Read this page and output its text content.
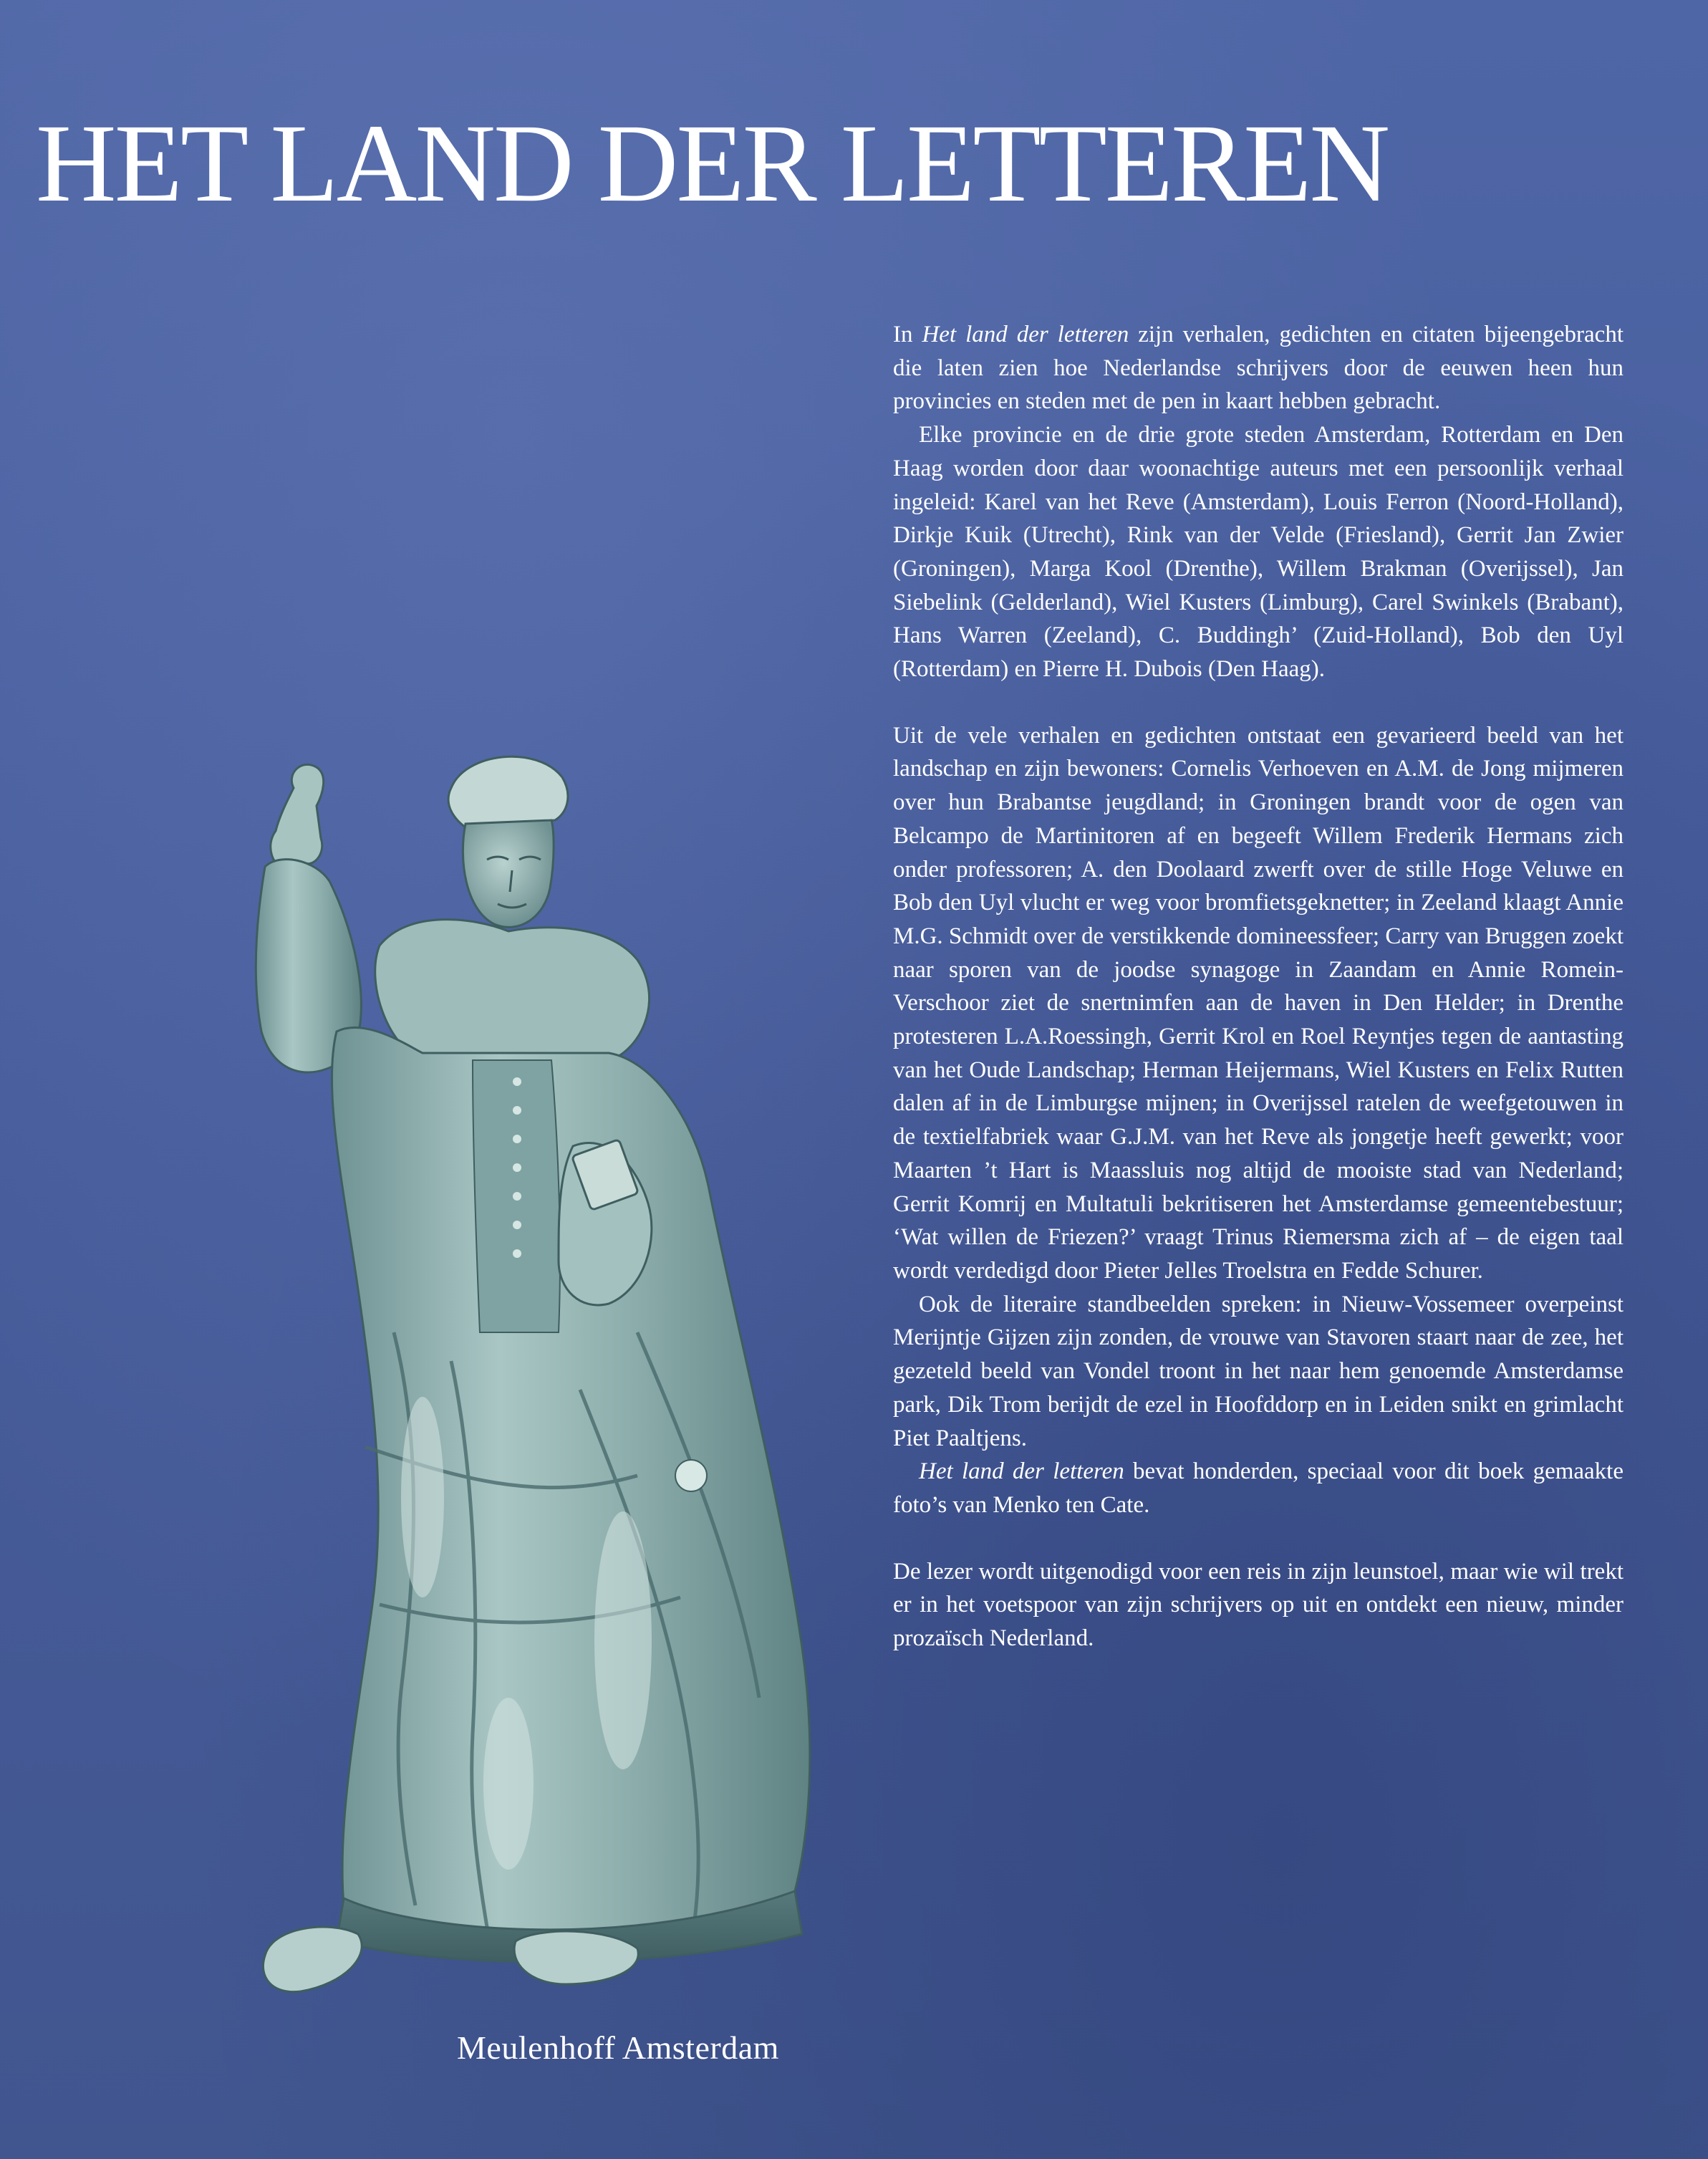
HET LAND DER LETTEREN

Meulenhoff Amsterdam

In Het land der letteren zijn verhalen, gedichten en citaten bijeengebracht die laten zien hoe Nederlandse schrijvers door de eeuwen heen hun provincies en steden met de pen in kaart hebben gebracht.

Elke provincie en de drie grote steden Amsterdam, Rotterdam en Den Haag worden door daar woonachtige auteurs met een persoonlijk verhaal ingeleid: Karel van het Reve (Amsterdam), Louis Ferron (Noord-Holland), Dirkje Kuik (Utrecht), Rink van der Velde (Friesland), Gerrit Jan Zwier (Groningen), Marga Kool (Drenthe), Willem Brakman (Overijssel), Jan Siebelink (Gelderland), Wiel Kusters (Limburg), Carel Swinkels (Brabant), Hans Warren (Zeeland), C. Buddingh’ (Zuid-Holland), Bob den Uyl (Rotterdam) en Pierre H. Dubois (Den Haag).

Uit de vele verhalen en gedichten ontstaat een gevarieerd beeld van het landschap en zijn bewoners: Cornelis Verhoeven en A.M. de Jong mijmeren over hun Brabantse jeugdland; in Groningen brandt voor de ogen van Belcampo de Martinitoren af en begeeft Willem Frederik Hermans zich onder professoren; A. den Doolaard zwerft over de stille Hoge Veluwe en Bob den Uyl vlucht er weg voor bromfietsgeknetter; in Zeeland klaagt Annie M.G. Schmidt over de verstikkende domineessfeer; Carry van Bruggen zoekt naar sporen van de joodse synagoge in Zaandam en Annie Romein-Verschoor ziet de snertnimfen aan de haven in Den Helder; in Drenthe protesteren L.A.Roessingh, Gerrit Krol en Roel Reyntjes tegen de aantasting van het Oude Landschap; Herman Heijermans, Wiel Kusters en Felix Rutten dalen af in de Limburgse mijnen; in Overijssel ratelen de weefgetouwen in de textielfabriek waar G.J.M. van het Reve als jongetje heeft gewerkt; voor Maarten ’t Hart is Maassluis nog altijd de mooiste stad van Nederland; Gerrit Komrij en Multatuli bekritiseren het Amsterdamse gemeentebestuur; ‘Wat willen de Friezen?’ vraagt Trinus Riemersma zich af – de eigen taal wordt verdedigd door Pieter Jelles Troelstra en Fedde Schurer.

Ook de literaire standbeelden spreken: in Nieuw-Vossemeer overpeinst Merijntje Gijzen zijn zonden, de vrouwe van Stavoren staart naar de zee, het gezeteld beeld van Vondel troont in het naar hem genoemde Amsterdamse park, Dik Trom berijdt de ezel in Hoofddorp en in Leiden snikt en grimlacht Piet Paaltjens.

Het land der letteren bevat honderden, speciaal voor dit boek gemaakte foto’s van Menko ten Cate.

De lezer wordt uitgenodigd voor een reis in zijn leunstoel, maar wie wil trekt er in het voetspoor van zijn schrijvers op uit en ontdekt een nieuw, minder prozaïsch Nederland.
